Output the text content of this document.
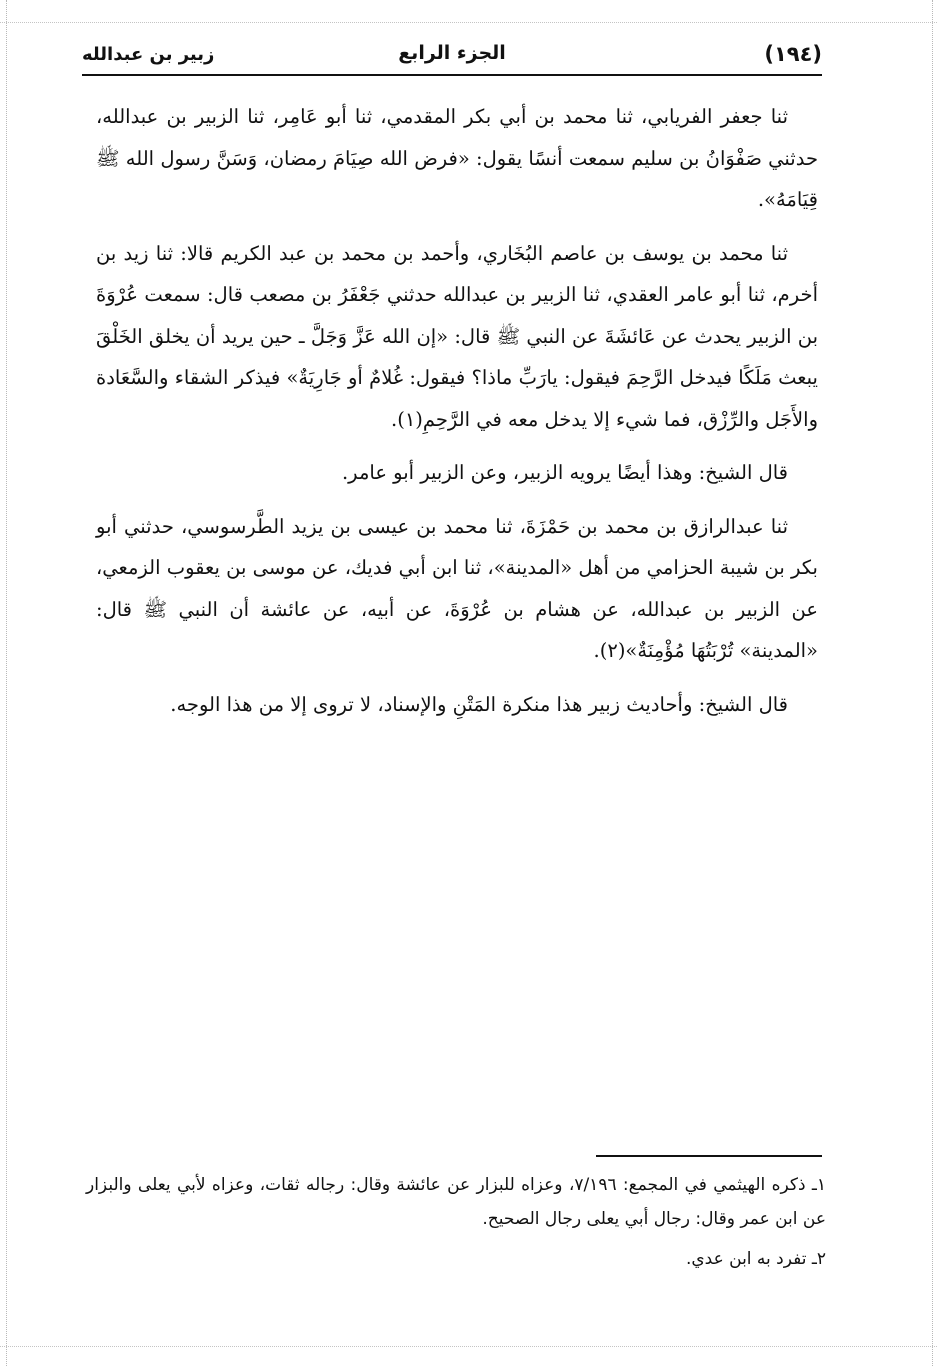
(١٩٤)
الجزء الرابع
زبير بن عبدالله

ثنا جعفر الفريابي، ثنا محمد بن أبي بكر المقدمي، ثنا أبو عَامِر، ثنا الزبير بن عبدالله، حدثني صَفْوَانُ بن سليم سمعت أنسًا يقول: «فرض الله صِيَامَ رمضان، وَسَنَّ رسول الله ﷺ قِيَامَهُ».

ثنا محمد بن يوسف بن عاصم البُخَاري، وأحمد بن محمد بن عبد الكريم قالا: ثنا زيد بن أخرم، ثنا أبو عامر العقدي، ثنا الزبير بن عبدالله حدثني جَعْفَرُ بن مصعب قال: سمعت عُرْوَةَ بن الزبير يحدث عن عَائشَةَ عن النبي ﷺ قال: «إن الله عَزَّ وَجَلَّ ـ حين يريد أن يخلق الخَلْقَ يبعث مَلَكًا فيدخل الرَّحِمَ فيقول: يارَبِّ ماذا؟ فيقول: غُلامٌ أو جَارِيَةٌ» فيذكر الشقاء والسَّعَادة والأَجَل والرِّزْق، فما شيء إلا يدخل معه في الرَّحِمِ(١).

قال الشيخ: وهذا أيضًا يرويه الزبير، وعن الزبير أبو عامر.

ثنا عبدالرازق بن محمد بن حَمْزَةَ، ثنا محمد بن عيسى بن يزيد الطَّرسوسي، حدثني أبو بكر بن شيبة الحزامي من أهل «المدينة»، ثنا ابن أبي فديك، عن موسى بن يعقوب الزمعي، عن الزبير بن عبدالله، عن هشام بن عُرْوَةَ، عن أبيه، عن عائشة أن النبي ﷺ قال: «المدينة» تُرْبَتُهَا مُؤْمِنَةٌ»(٢).

قال الشيخ: وأحاديث زبير هذا منكرة المَتْنِ والإسناد، لا تروى إلا من هذا الوجه.

١ـ ذكره الهيثمي في المجمع: ٧/١٩٦، وعزاه للبزار عن عائشة وقال: رجاله ثقات، وعزاه لأبي يعلى والبزار عن ابن عمر وقال: رجال أبي يعلى رجال الصحيح.

٢ـ تفرد به ابن عدي.
